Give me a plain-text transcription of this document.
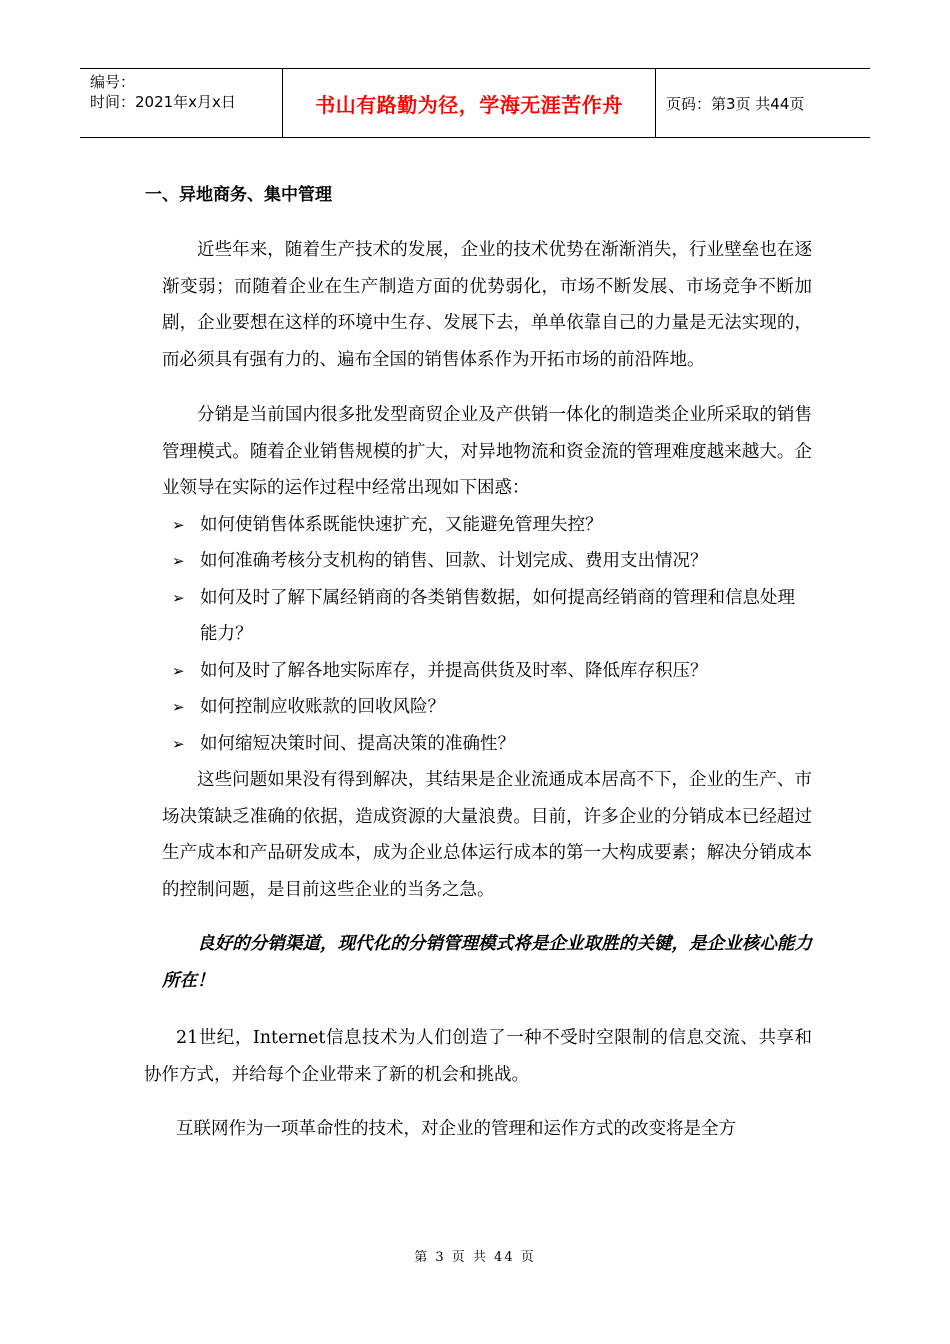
编号：
时间：2021年x月x日	书山有路勤为径，学海无涯苦作舟	页码：第3页 共44页
一、异地商务、集中管理

近些年来，随着生产技术的发展，企业的技术优势在渐渐消失，行业壁垒也在逐渐变弱；而随着企业在生产制造方面的优势弱化，市场不断发展、市场竞争不断加剧，企业要想在这样的环境中生存、发展下去，单单依靠自己的力量是无法实现的，而必须具有强有力的、遍布全国的销售体系作为开拓市场的前沿阵地。

分销是当前国内很多批发型商贸企业及产供销一体化的制造类企业所采取的销售管理模式。随着企业销售规模的扩大，对异地物流和资金流的管理难度越来越大。企业领导在实际的运作过程中经常出现如下困惑：

➢ 如何使销售体系既能快速扩充，又能避免管理失控？
➢ 如何准确考核分支机构的销售、回款、计划完成、费用支出情况？
➢ 如何及时了解下属经销商的各类销售数据，如何提高经销商的管理和信息处理能力？
➢ 如何及时了解各地实际库存，并提高供货及时率、降低库存积压？
➢ 如何控制应收账款的回收风险？
➢ 如何缩短决策时间、提高决策的准确性？

这些问题如果没有得到解决，其结果是企业流通成本居高不下，企业的生产、市场决策缺乏准确的依据，造成资源的大量浪费。目前，许多企业的分销成本已经超过生产成本和产品研发成本，成为企业总体运行成本的第一大构成要素；解决分销成本的控制问题，是目前这些企业的当务之急。

良好的分销渠道，现代化的分销管理模式将是企业取胜的关键，是企业核心能力所在！

21世纪，Internet信息技术为人们创造了一种不受时空限制的信息交流、共享和协作方式，并给每个企业带来了新的机会和挑战。

互联网作为一项革命性的技术，对企业的管理和运作方式的改变将是全方

第 3 页 共 44 页
